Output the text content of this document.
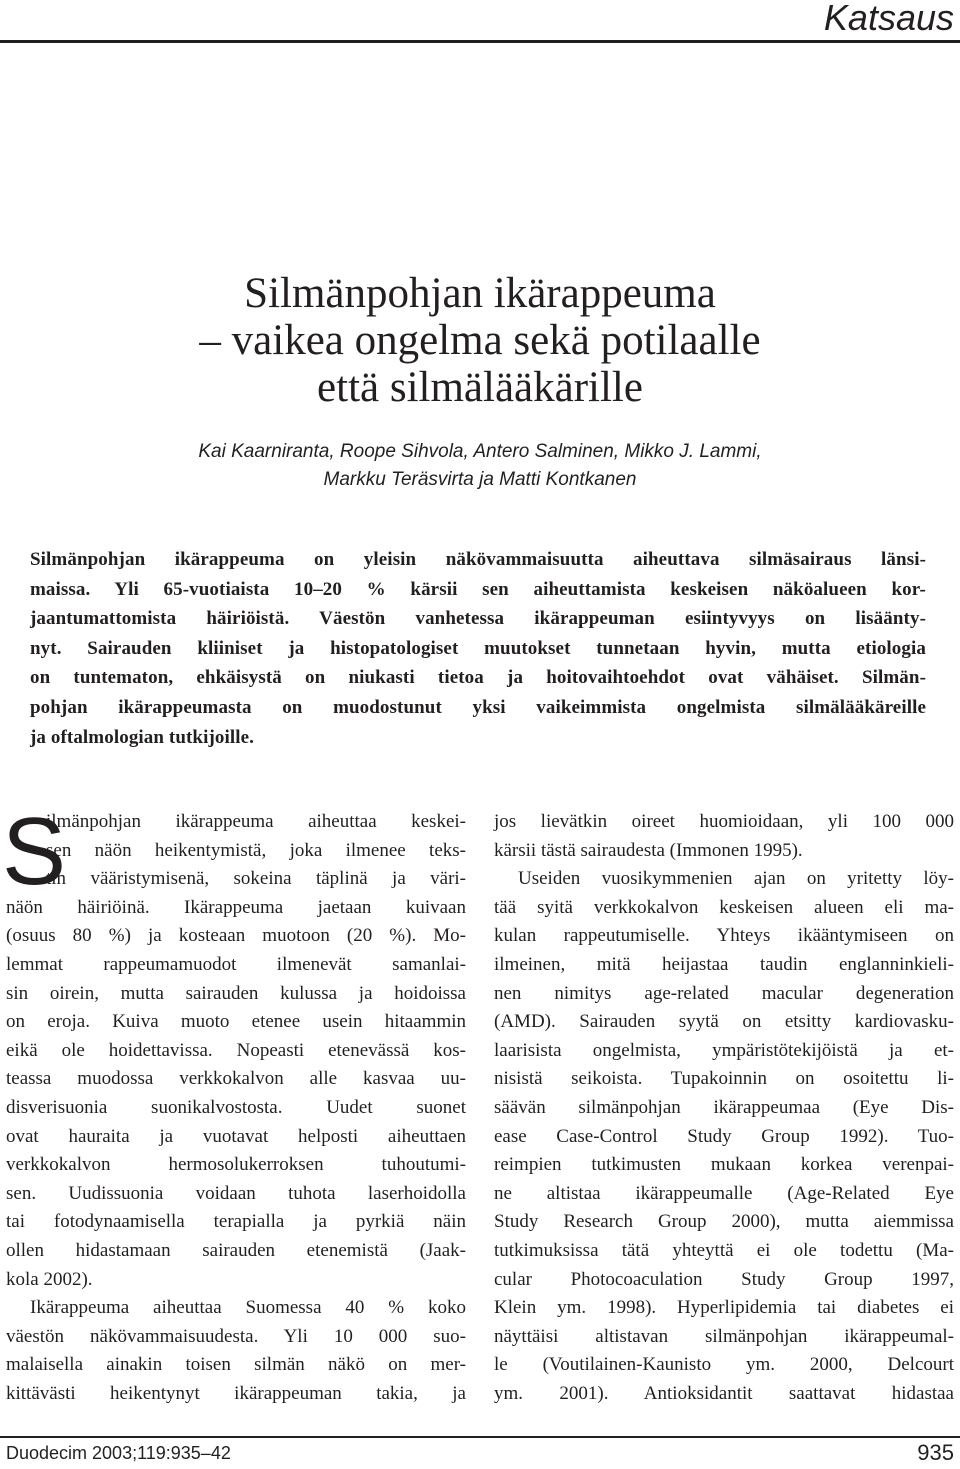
Katsaus
Silmänpohjan ikärappeuma
– vaikea ongelma sekä potilaalle
että silmälääkärille
Kai Kaarniranta, Roope Sihvola, Antero Salminen, Mikko J. Lammi,
Markku Teräsvirta ja Matti Kontkanen
Silmänpohjan ikärappeuma on yleisin näkövammaisuutta aiheuttava silmäsairaus länsi-
maissa. Yli 65-vuotiaista 10–20 % kärsii sen aiheuttamista keskeisen näköalueen kor-
jaantumattomista häiriöistä. Väestön vanhetessa ikärappeuman esiintyvyys on lisäänty-
nyt. Sairauden kliiniset ja histopatologiset muutokset tunnetaan hyvin, mutta etiologia
on tuntematon, ehkäisystä on niukasti tietoa ja hoitovaihtoehdot ovat vähäiset. Silmän-
pohjan ikärappeumasta on muodostunut yksi vaikeimmista ongelmista silmälääkäreille
ja oftalmologian tutkijoille.
S
ilmänpohjan ikärappeuma aiheuttaa keskei-
sen näön heikentymistä, joka ilmenee teks-
tin vääristymisenä, sokeina täplinä ja väri-
näön häiriöinä. Ikärappeuma jaetaan kuivaan
(osuus 80 %) ja kosteaan muotoon (20 %). Mo-
lemmat rappeumamuodot ilmenevät samanlai-
sin oirein, mutta sairauden kulussa ja hoidoissa
on eroja. Kuiva muoto etenee usein hitaammin
eikä ole hoidettavissa. Nopeasti etenevässä kos-
teassa muodossa verkkokalvon alle kasvaa uu-
disverisuonia suonikalvostosta. Uudet suonet
ovat hauraita ja vuotavat helposti aiheuttaen
verkkokalvon hermosolukerroksen tuhoutumi-
sen. Uudissuonia voidaan tuhota laserhoidolla
tai fotodynaamisella terapialla ja pyrkiä näin
ollen hidastamaan sairauden etenemistä (Jaak-
kola 2002).
Ikärappeuma aiheuttaa Suomessa 40 % koko
väestön näkövammaisuudesta. Yli 10 000 suo-
malaisella ainakin toisen silmän näkö on mer-
kittävästi heikentynyt ikärappeuman takia, ja
jos lievätkin oireet huomioidaan, yli 100 000
kärsii tästä sairaudesta (Immonen 1995).
Useiden vuosikymmenien ajan on yritetty löy-
tää syitä verkkokalvon keskeisen alueen eli ma-
kulan rappeutumiselle. Yhteys ikääntymiseen on
ilmeinen, mitä heijastaa taudin englanninkieli-
nen nimitys age-related macular degeneration
(AMD). Sairauden syytä on etsitty kardiovasku-
laarisista ongelmista, ympäristötekijöistä ja et-
nisistä seikoista. Tupakoinnin on osoitettu li-
säävän silmänpohjan ikärappeumaa (Eye Dis-
ease Case-Control Study Group 1992). Tuo-
reimpien tutkimusten mukaan korkea verenpai-
ne altistaa ikärappeumalle (Age-Related Eye
Study Research Group 2000), mutta aiemmissa
tutkimuksissa tätä yhteyttä ei ole todettu (Ma-
cular Photocoaculation Study Group 1997,
Klein ym. 1998). Hyperlipidemia tai diabetes ei
näyttäisi altistavan silmänpohjan ikärappeumal-
le (Voutilainen-Kaunisto ym. 2000, Delcourt
ym. 2001). Antioksidantit saattavat hidastaa
Duodecim 2003;119:935–42	935
